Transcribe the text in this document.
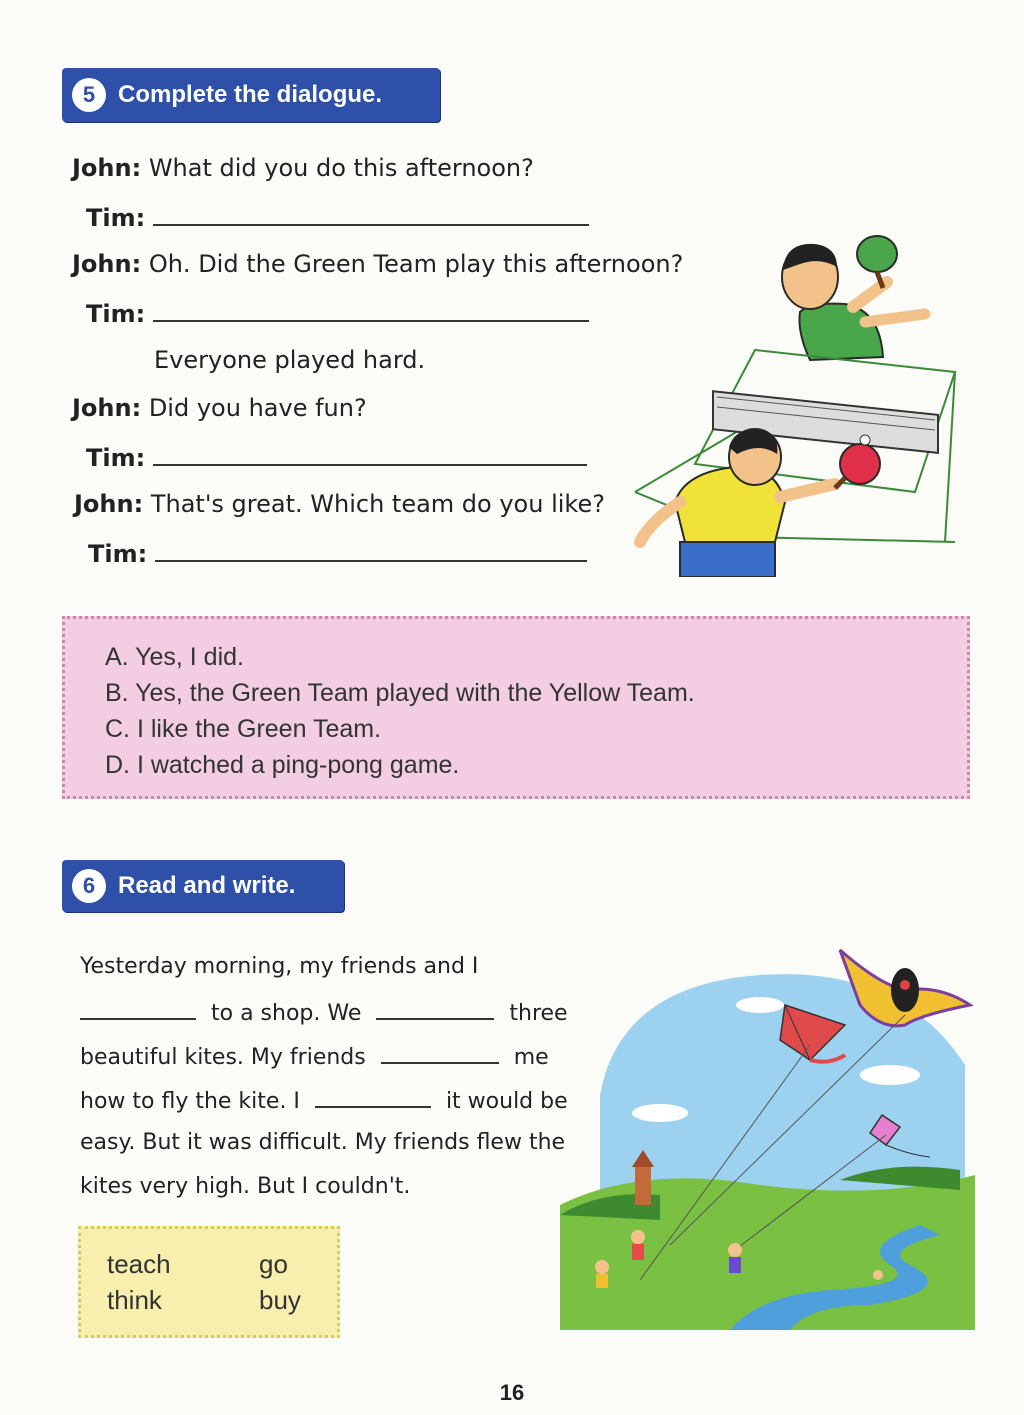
5 Complete the dialogue.
John: What did you do this afternoon?
Tim:
John: Oh. Did the Green Team play this afternoon?
Tim:
Everyone played hard.
John: Did you have fun?
Tim:
John: That's great. Which team do you like?
Tim:
A. Yes, I did.
B. Yes, the Green Team played with the Yellow Team.
C. I like the Green Team.
D. I watched a ping-pong game.
6 Read and write.
Yesterday morning, my friends and I
to a shop. We	three
beautiful kites. My friends	me
how to fly the kite. I	it would be
easy. But it was difficult. My friends flew the
kites very high. But I couldn't.
teach	go
think	buy
16
